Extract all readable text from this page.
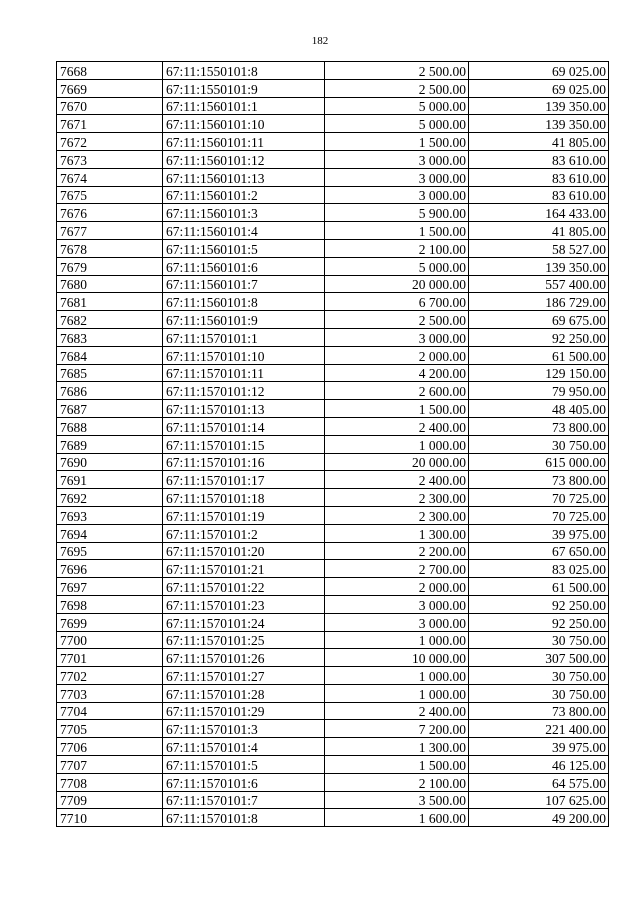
182
7668	67:11:1550101:8	2 500.00	69 025.00
7669	67:11:1550101:9	2 500.00	69 025.00
7670	67:11:1560101:1	5 000.00	139 350.00
7671	67:11:1560101:10	5 000.00	139 350.00
7672	67:11:1560101:11	1 500.00	41 805.00
7673	67:11:1560101:12	3 000.00	83 610.00
7674	67:11:1560101:13	3 000.00	83 610.00
7675	67:11:1560101:2	3 000.00	83 610.00
7676	67:11:1560101:3	5 900.00	164 433.00
7677	67:11:1560101:4	1 500.00	41 805.00
7678	67:11:1560101:5	2 100.00	58 527.00
7679	67:11:1560101:6	5 000.00	139 350.00
7680	67:11:1560101:7	20 000.00	557 400.00
7681	67:11:1560101:8	6 700.00	186 729.00
7682	67:11:1560101:9	2 500.00	69 675.00
7683	67:11:1570101:1	3 000.00	92 250.00
7684	67:11:1570101:10	2 000.00	61 500.00
7685	67:11:1570101:11	4 200.00	129 150.00
7686	67:11:1570101:12	2 600.00	79 950.00
7687	67:11:1570101:13	1 500.00	48 405.00
7688	67:11:1570101:14	2 400.00	73 800.00
7689	67:11:1570101:15	1 000.00	30 750.00
7690	67:11:1570101:16	20 000.00	615 000.00
7691	67:11:1570101:17	2 400.00	73 800.00
7692	67:11:1570101:18	2 300.00	70 725.00
7693	67:11:1570101:19	2 300.00	70 725.00
7694	67:11:1570101:2	1 300.00	39 975.00
7695	67:11:1570101:20	2 200.00	67 650.00
7696	67:11:1570101:21	2 700.00	83 025.00
7697	67:11:1570101:22	2 000.00	61 500.00
7698	67:11:1570101:23	3 000.00	92 250.00
7699	67:11:1570101:24	3 000.00	92 250.00
7700	67:11:1570101:25	1 000.00	30 750.00
7701	67:11:1570101:26	10 000.00	307 500.00
7702	67:11:1570101:27	1 000.00	30 750.00
7703	67:11:1570101:28	1 000.00	30 750.00
7704	67:11:1570101:29	2 400.00	73 800.00
7705	67:11:1570101:3	7 200.00	221 400.00
7706	67:11:1570101:4	1 300.00	39 975.00
7707	67:11:1570101:5	1 500.00	46 125.00
7708	67:11:1570101:6	2 100.00	64 575.00
7709	67:11:1570101:7	3 500.00	107 625.00
7710	67:11:1570101:8	1 600.00	49 200.00
